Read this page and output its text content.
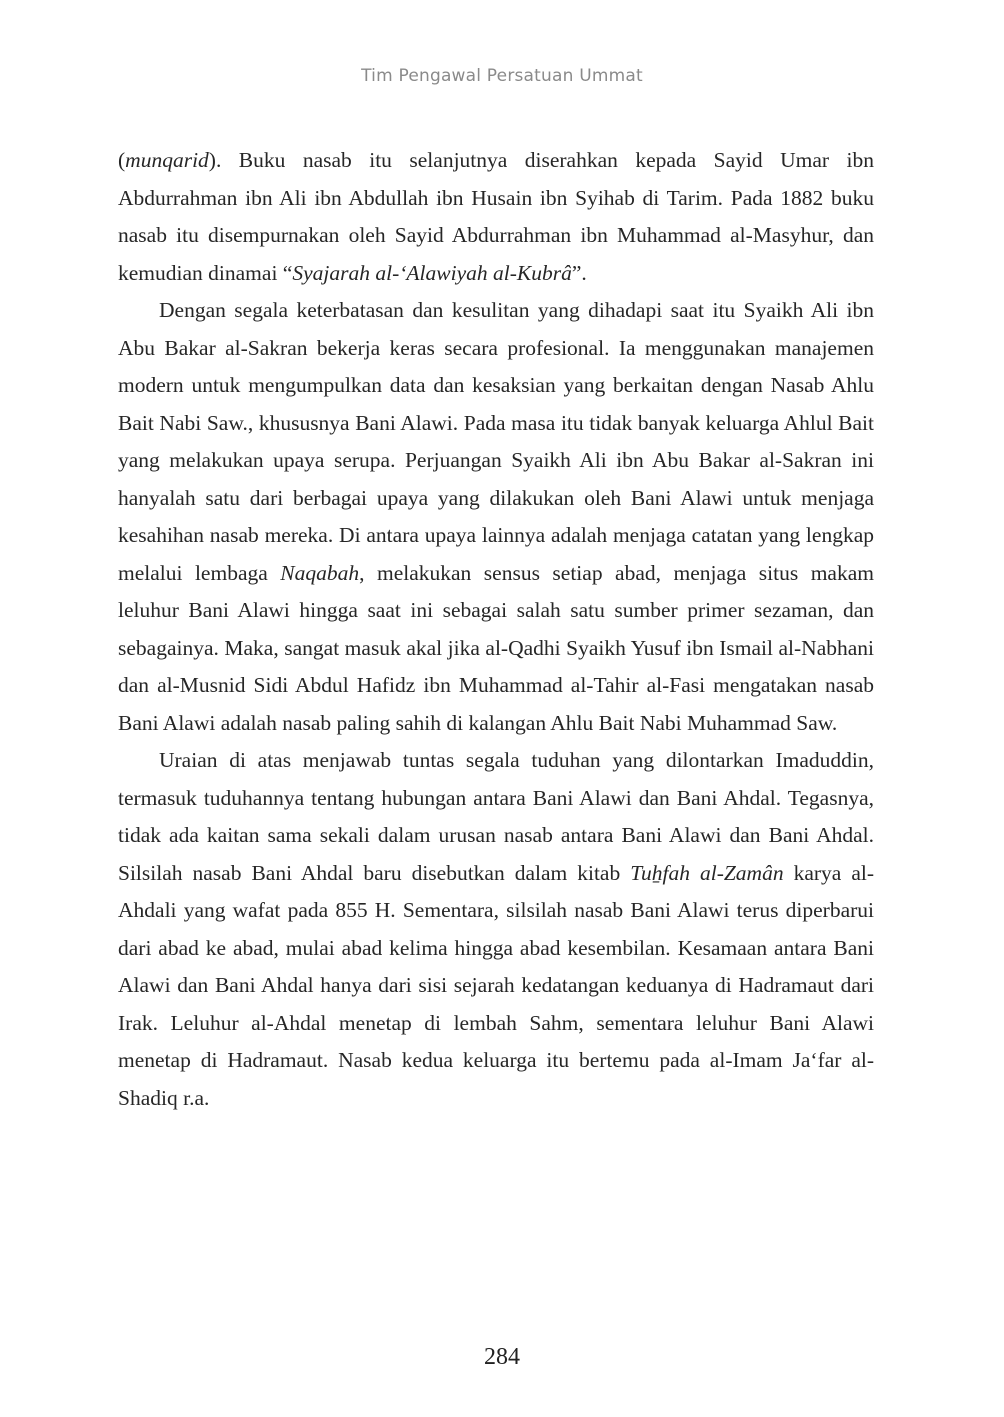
Tim Pengawal Persatuan Ummat

(munqarid). Buku nasab itu selanjutnya diserahkan kepada Sayid Umar ibn Abdurrahman ibn Ali ibn Abdullah ibn Husain ibn Syihab di Tarim. Pada 1882 buku nasab itu disempurnakan oleh Sayid Abdurrahman ibn Muhammad al-Masyhur, dan kemudian dinamai “Syajarah al-‘Alawiyah al-Kubrâ”.

Dengan segala keterbatasan dan kesulitan yang dihadapi saat itu Syaikh Ali ibn Abu Bakar al-Sakran bekerja keras secara profesional. Ia menggunakan manajemen modern untuk mengumpulkan data dan kesaksian yang berkaitan dengan Nasab Ahlu Bait Nabi Saw., khususnya Bani Alawi. Pada masa itu tidak banyak keluarga Ahlul Bait yang melakukan upaya serupa. Perjuangan Syaikh Ali ibn Abu Bakar al-Sakran ini hanyalah satu dari berbagai upaya yang dilakukan oleh Bani Alawi untuk menjaga kesahihan nasab mereka. Di antara upaya lainnya adalah menjaga catatan yang lengkap melalui lembaga Naqabah, melakukan sensus setiap abad, menjaga situs makam leluhur Bani Alawi hingga saat ini sebagai salah satu sumber primer sezaman, dan sebagainya. Maka, sangat masuk akal jika al-Qadhi Syaikh Yusuf ibn Ismail al-Nabhani dan al-Musnid Sidi Abdul Hafidz ibn Muhammad al-Tahir al-Fasi mengatakan nasab Bani Alawi adalah nasab paling sahih di kalangan Ahlu Bait Nabi Muhammad Saw.

Uraian di atas menjawab tuntas segala tuduhan yang dilontarkan Imaduddin, termasuk tuduhannya tentang hubungan antara Bani Alawi dan Bani Ahdal. Tegasnya, tidak ada kaitan sama sekali dalam urusan nasab antara Bani Alawi dan Bani Ahdal. Silsilah nasab Bani Ahdal baru disebutkan dalam kitab Tuẖfah al-Zamân karya al-Ahdali yang wafat pada 855 H. Sementara, silsilah nasab Bani Alawi terus diperbarui dari abad ke abad, mulai abad kelima hingga abad kesembilan. Kesamaan antara Bani Alawi dan Bani Ahdal hanya dari sisi sejarah kedatangan keduanya di Hadramaut dari Irak. Leluhur al-Ahdal menetap di lembah Sahm, sementara leluhur Bani Alawi menetap di Hadramaut. Nasab kedua keluarga itu bertemu pada al-Imam Ja‘far al-Shadiq r.a.

284
